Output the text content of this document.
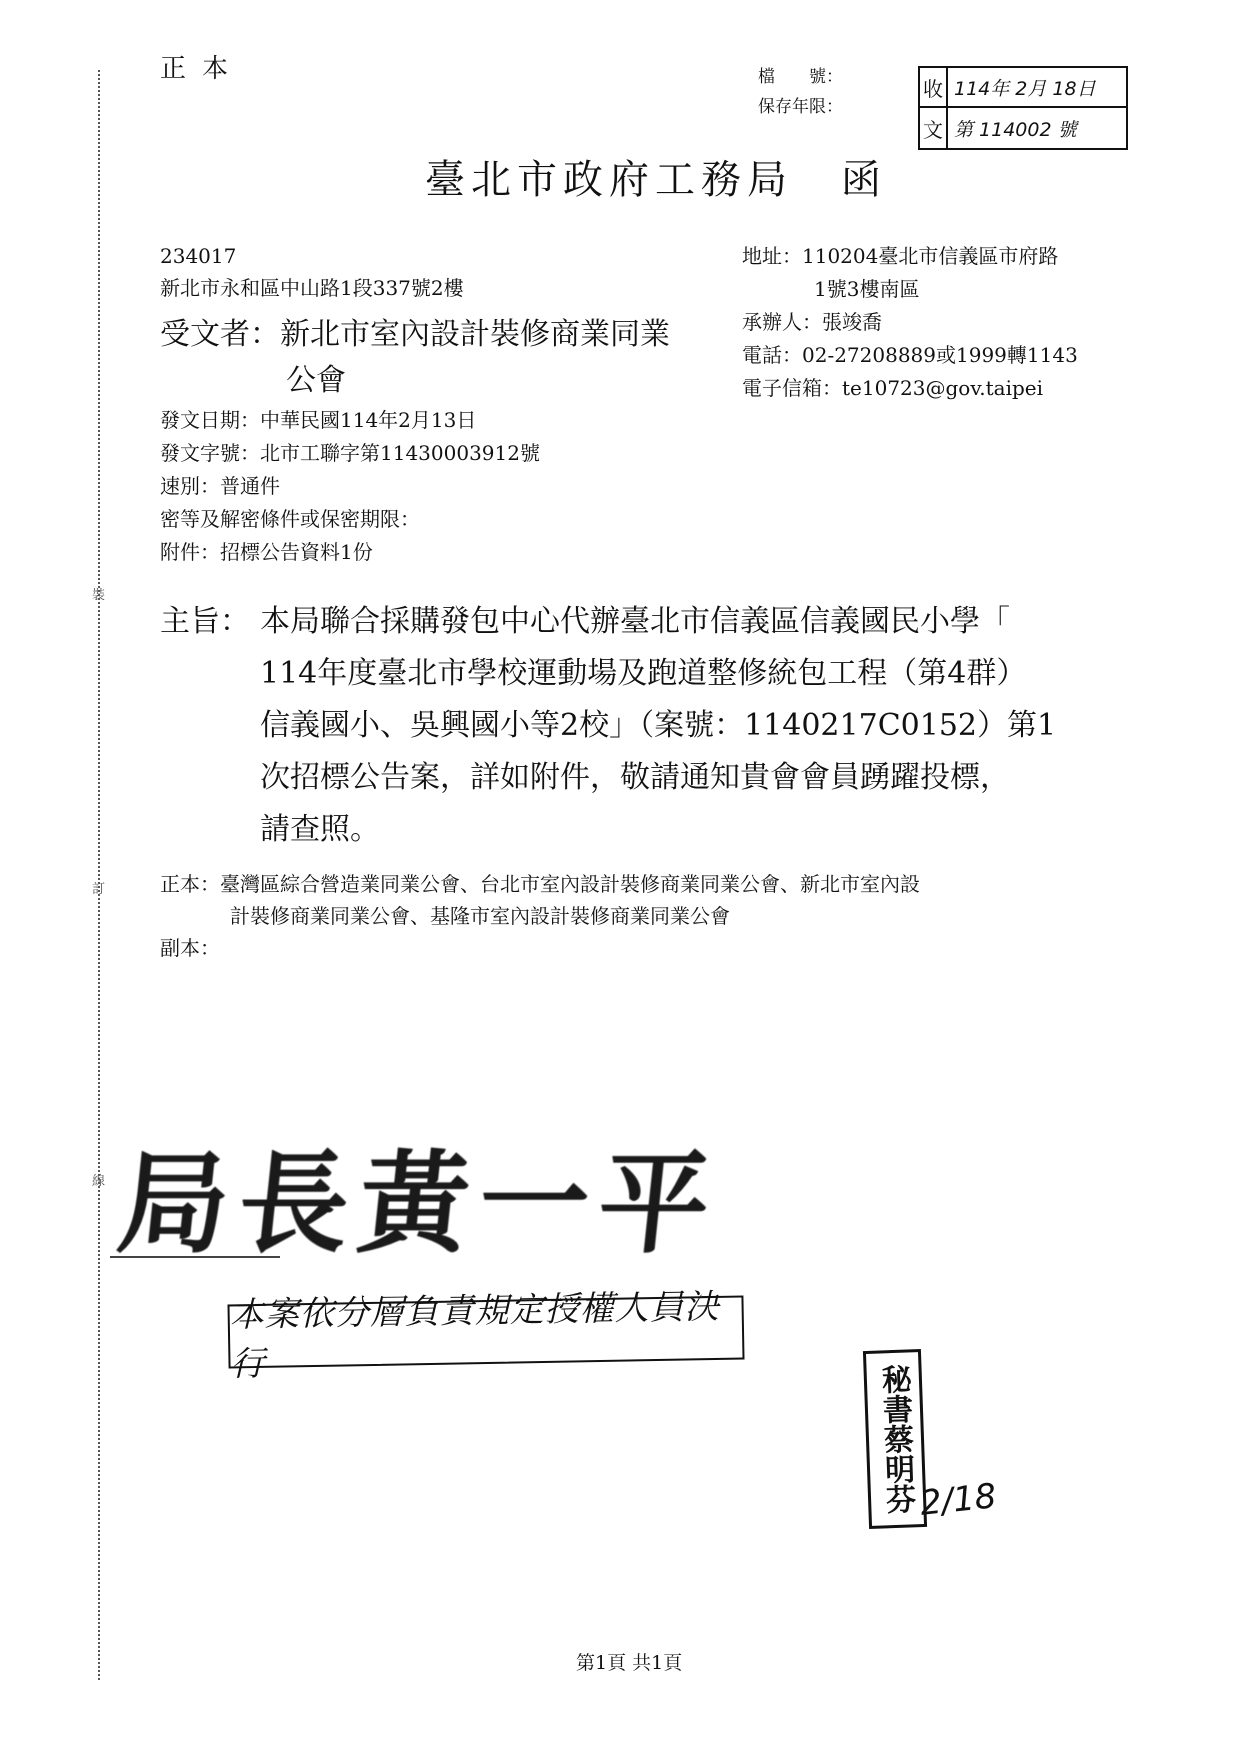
裝
訂
線
正本	檔　　號：
保存年限：
收 114年 2月 18日
文 第 114002 號
臺北市政府工務局 函
234017
新北市永和區中山路1段337號2樓
受文者：新北市室內設計裝修商業同業
公會
地址：110204臺北市信義區市府路
1號3樓南區
承辦人：張竣喬
電話：02-27208889或1999轉1143
電子信箱：te10723@gov.taipei
發文日期：中華民國114年2月13日
發文字號：北市工聯字第11430003912號
速別：普通件
密等及解密條件或保密期限：
附件：招標公告資料1份
主旨： 本局聯合採購發包中心代辦臺北市信義區信義國民小學「
114年度臺北市學校運動場及跑道整修統包工程（第4群）
信義國小、吳興國小等2校」（案號：1140217C0152）第1
次招標公告案，詳如附件，敬請通知貴會會員踴躍投標，
請查照。
正本：臺灣區綜合營造業同業公會、台北市室內設計裝修商業同業公會、新北市室內設
計裝修商業同業公會、基隆市室內設計裝修商業同業公會
副本：
局
長
黃
一
平
本案依分層負責規定授權人員決行	秘書蔡明芬 2/18
第1頁 共1頁
